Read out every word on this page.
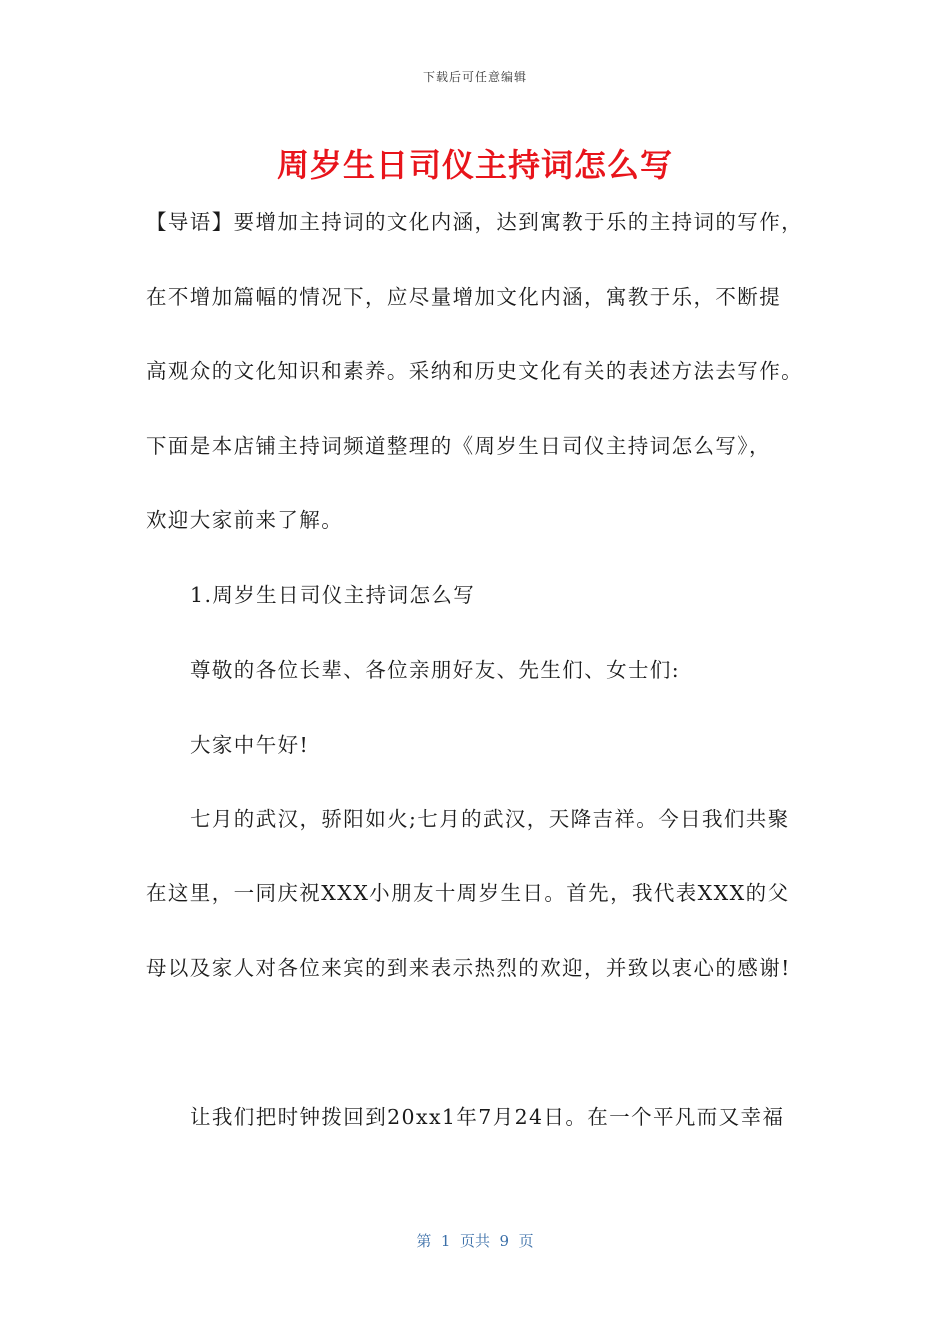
下载后可任意编辑
周岁生日司仪主持词怎么写
【导语】要增加主持词的文化内涵，达到寓教于乐的主持词的写作，
在不增加篇幅的情况下，应尽量增加文化内涵，寓教于乐，不断提
高观众的文化知识和素养。采纳和历史文化有关的表述方法去写作。
下面是本店铺主持词频道整理的《周岁生日司仪主持词怎么写》，
欢迎大家前来了解。
1.周岁生日司仪主持词怎么写
尊敬的各位长辈、各位亲朋好友、先生们、女士们:
大家中午好!
七月的武汉，骄阳如火;七月的武汉，天降吉祥。今日我们共聚
在这里，一同庆祝XXX小朋友十周岁生日。首先，我代表XXX的父
母以及家人对各位来宾的到来表示热烈的欢迎，并致以衷心的感谢!
让我们把时钟拨回到20xx1年7月24日。在一个平凡而又幸福
第  1  页共  9  页
